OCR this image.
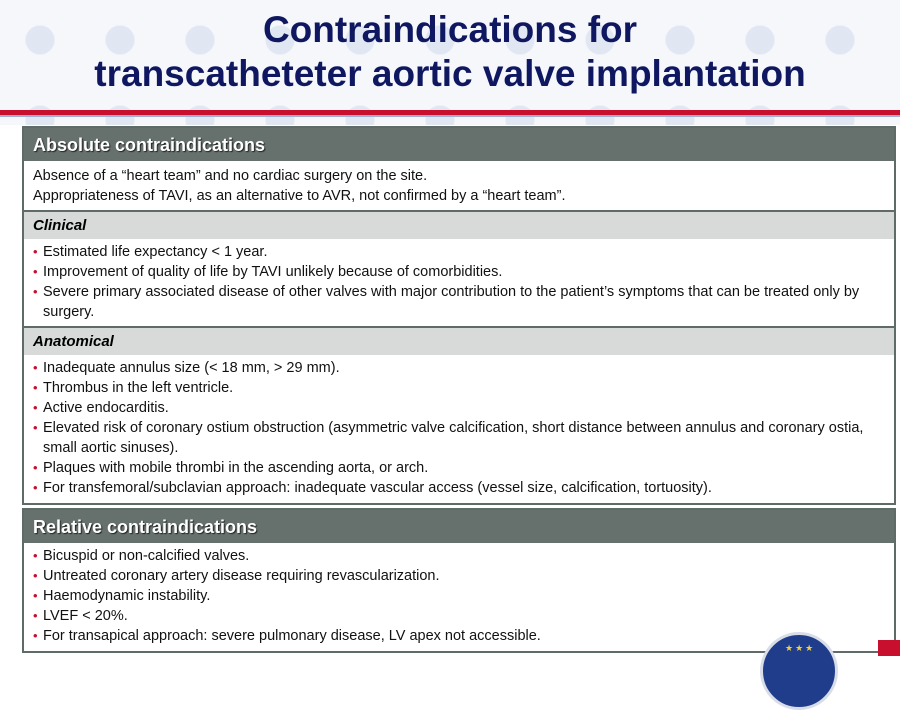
Contraindications for
transcatheteter aortic valve implantation
Absolute contraindications
Absence of a “heart team” and no cardiac surgery on the site.
Appropriateness of TAVI, as an alternative to AVR, not confirmed by a “heart team”.
Clinical
• Estimated life expectancy < 1 year.
• Improvement of quality of life by TAVI unlikely because of comorbidities.
• Severe primary associated disease of other valves with major contribution to the patient’s symptoms that can be treated only by surgery.
Anatomical
• Inadequate annulus size (< 18 mm, > 29 mm).
• Thrombus in the left ventricle.
• Active endocarditis.
• Elevated risk of coronary ostium obstruction (asymmetric valve calcification, short distance between annulus and coronary ostia, small aortic sinuses).
• Plaques with mobile thrombi in the ascending aorta, or arch.
• For transfemoral/subclavian approach: inadequate vascular access (vessel size, calcification, tortuosity).
Relative contraindications
• Bicuspid or non-calcified valves.
• Untreated coronary artery disease requiring revascularization.
• Haemodynamic instability.
• LVEF < 20%.
• For transapical approach: severe pulmonary disease, LV apex not accessible.
★★★
